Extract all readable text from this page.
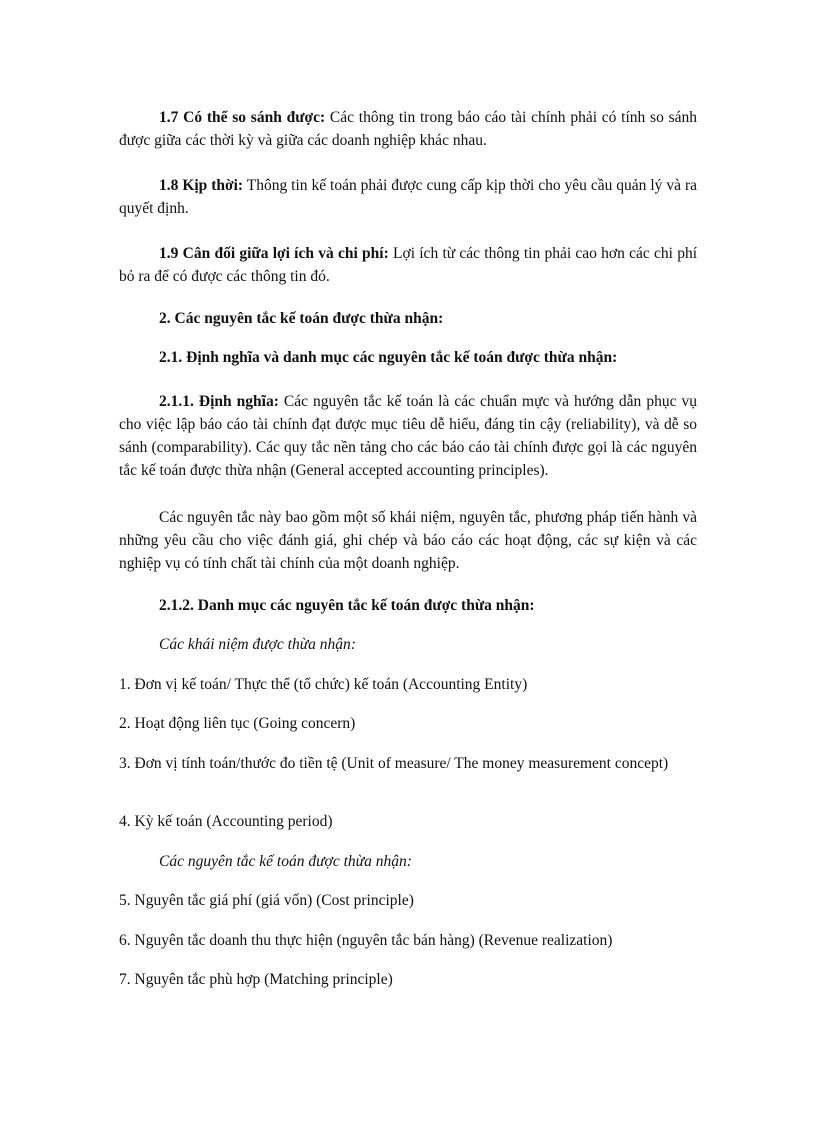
1.7 Có thể so sánh được: Các thông tin trong báo cáo tài chính phải có tính so sánh được giữa các thời kỳ và giữa các doanh nghiệp khác nhau.
1.8 Kịp thời: Thông tin kế toán phải được cung cấp kịp thời cho yêu cầu quản lý và ra quyết định.
1.9 Cân đối giữa lợi ích và chi phí: Lợi ích từ các thông tin phải cao hơn các chi phí bỏ ra để có được các thông tin đó.
2. Các nguyên tắc kế toán được thừa nhận:
2.1. Định nghĩa và danh mục các nguyên tắc kế toán được thừa nhận:
2.1.1. Định nghĩa: Các nguyên tắc kế toán là các chuẩn mực và hướng dẫn phục vụ cho việc lập báo cáo tài chính đạt được mục tiêu dễ hiểu, đáng tin cậy (reliability), và dễ so sánh (comparability). Các quy tắc nền tảng cho các báo cáo tài chính được gọi là các nguyên tắc kế toán được thừa nhận (General accepted accounting principles).
Các nguyên tắc này bao gồm một số khái niệm, nguyên tắc, phương pháp tiến hành và những yêu cầu cho việc đánh giá, ghi chép và báo cáo các hoạt động, các sự kiện và các nghiệp vụ có tính chất tài chính của một doanh nghiệp.
2.1.2. Danh mục các nguyên tắc kế toán được thừa nhận:
Các khái niệm được thừa nhận:
1. Đơn vị kế toán/ Thực thể (tổ chức) kế toán (Accounting Entity)
2. Hoạt động liên tục (Going concern)
3. Đơn vị tính toán/thước đo tiền tệ (Unit of measure/ The money measurement concept)
4. Kỳ kế toán (Accounting period)
Các nguyên tắc kế toán được thừa nhận:
5. Nguyên tắc giá phí (giá vốn) (Cost principle)
6. Nguyên tắc doanh thu thực hiện (nguyên tắc bán hàng) (Revenue realization)
7. Nguyên tắc phù hợp (Matching principle)
